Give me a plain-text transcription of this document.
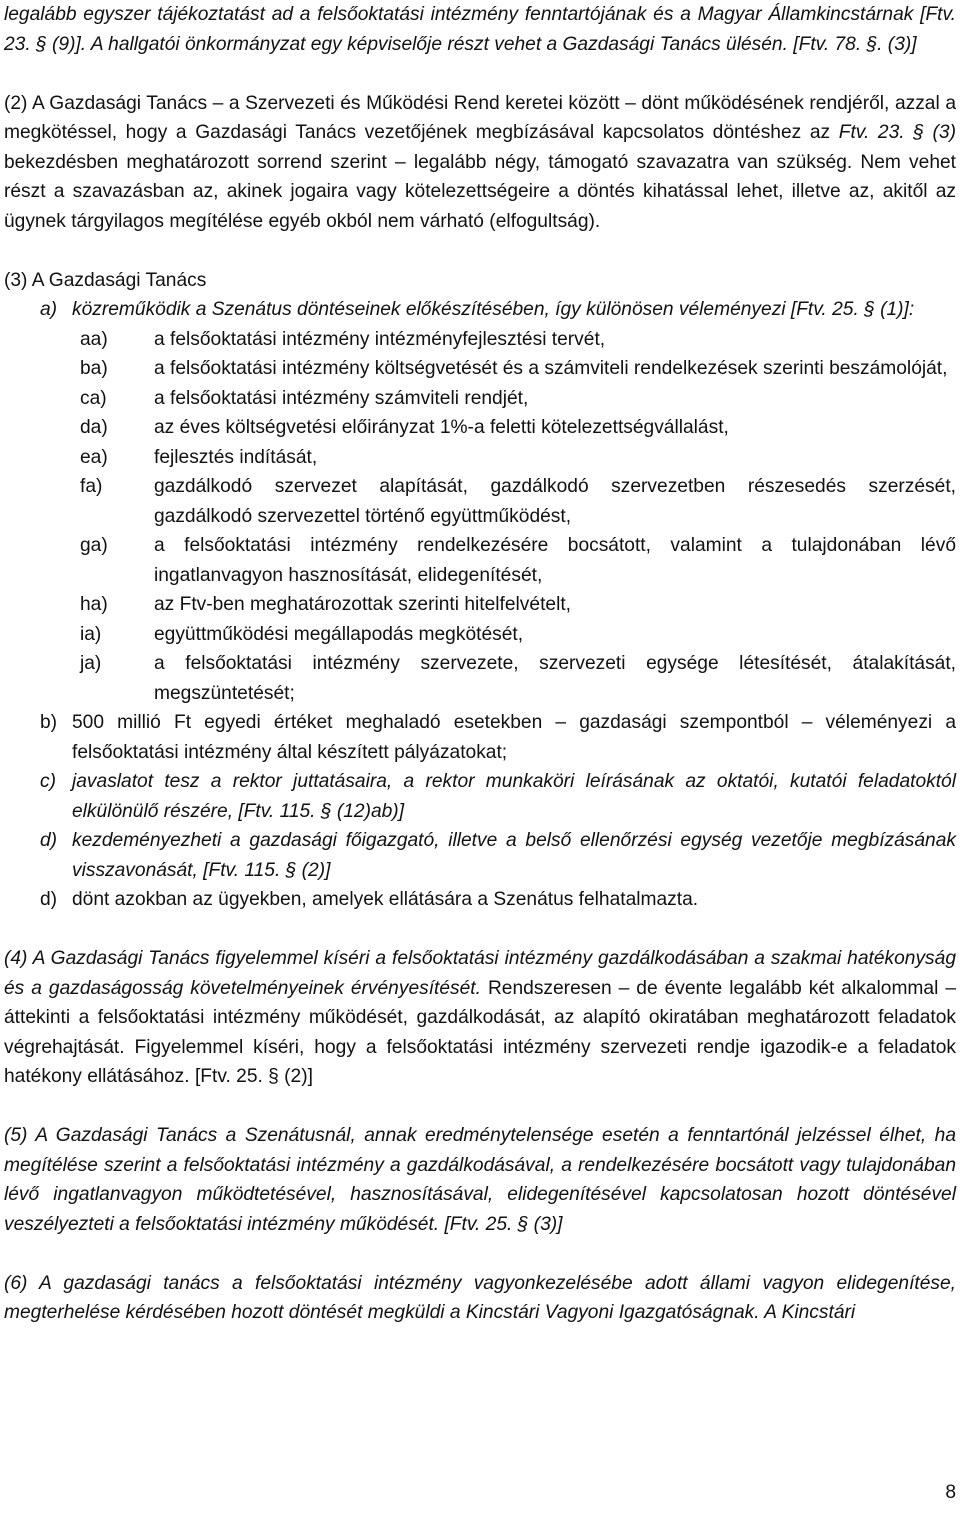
legalább egyszer tájékoztatást ad a felsőoktatási intézmény fenntartójának és a Magyar Államkincstárnak [Ftv. 23. § (9)]. A hallgatói önkormányzat egy képviselője részt vehet a Gazdasági Tanács ülésén. [Ftv. 78. §. (3)]

(2) A Gazdasági Tanács – a Szervezeti és Működési Rend keretei között – dönt működésének rendjéről, azzal a megkötéssel, hogy a Gazdasági Tanács vezetőjének megbízásával kapcsolatos döntéshez az Ftv. 23. § (3) bekezdésben meghatározott sorrend szerint – legalább négy, támogató szavazatra van szükség. Nem vehet részt a szavazásban az, akinek jogaira vagy kötelezettségeire a döntés kihatással lehet, illetve az, akitől az ügynek tárgyilagos megítélése egyéb okból nem várható (elfogultság).

(3) A Gazdasági Tanács

a) közreműködik a Szenátus döntéseinek előkészítésében, így különösen véleményezi [Ftv. 25. § (1)]:
aa)	a felsőoktatási intézmény intézményfejlesztési tervét,
ba)	a felsőoktatási intézmény költségvetését és a számviteli rendelkezések szerinti beszámolóját,
ca)	a felsőoktatási intézmény számviteli rendjét,
da)	az éves költségvetési előirányzat 1%-a feletti kötelezettségvállalást,
ea)	fejlesztés indítását,
fa)	gazdálkodó szervezet alapítását, gazdálkodó szervezetben részesedés szerzését, gazdálkodó szervezettel történő együttműködést,
ga)	a felsőoktatási intézmény rendelkezésére bocsátott, valamint a tulajdonában lévő ingatlanvagyon hasznosítását, elidegenítését,
ha)	az Ftv-ben meghatározottak szerinti hitelfelvételt,
ia)	együttműködési megállapodás megkötését,
ja)	a felsőoktatási intézmény szervezete, szervezeti egysége létesítését, átalakítását, megszüntetését;
b) 500 millió Ft egyedi értéket meghaladó esetekben – gazdasági szempontból – véleményezi a felsőoktatási intézmény által készített pályázatokat;
c) javaslatot tesz a rektor juttatásaira, a rektor munkaköri leírásának az oktatói, kutatói feladatoktól elkülönülő részére, [Ftv. 115. § (12)ab)]
d) kezdeményezheti a gazdasági főigazgató, illetve a belső ellenőrzési egység vezetője megbízásának visszavonását, [Ftv. 115. § (2)]
d) dönt azokban az ügyekben, amelyek ellátására a Szenátus felhatalmazta.

(4) A Gazdasági Tanács figyelemmel kíséri a felsőoktatási intézmény gazdálkodásában a szakmai hatékonyság és a gazdaságosság követelményeinek érvényesítését. Rendszeresen – de évente legalább két alkalommal – áttekinti a felsőoktatási intézmény működését, gazdálkodását, az alapító okiratában meghatározott feladatok végrehajtását. Figyelemmel kíséri, hogy a felsőoktatási intézmény szervezeti rendje igazodik-e a feladatok hatékony ellátásához. [Ftv. 25. § (2)]

(5) A Gazdasági Tanács a Szenátusnál, annak eredménytelensége esetén a fenntartónál jelzéssel élhet, ha megítélése szerint a felsőoktatási intézmény a gazdálkodásával, a rendelkezésére bocsátott vagy tulajdonában lévő ingatlanvagyon működtetésével, hasznosításával, elidegenítésével kapcsolatosan hozott döntésével veszélyezteti a felsőoktatási intézmény működését. [Ftv. 25. § (3)]

(6) A gazdasági tanács a felsőoktatási intézmény vagyonkezelésébe adott állami vagyon elidegenítése, megterhelése kérdésében hozott döntését megküldi a Kincstári Vagyoni Igazgatóságnak. A Kincstári

8
